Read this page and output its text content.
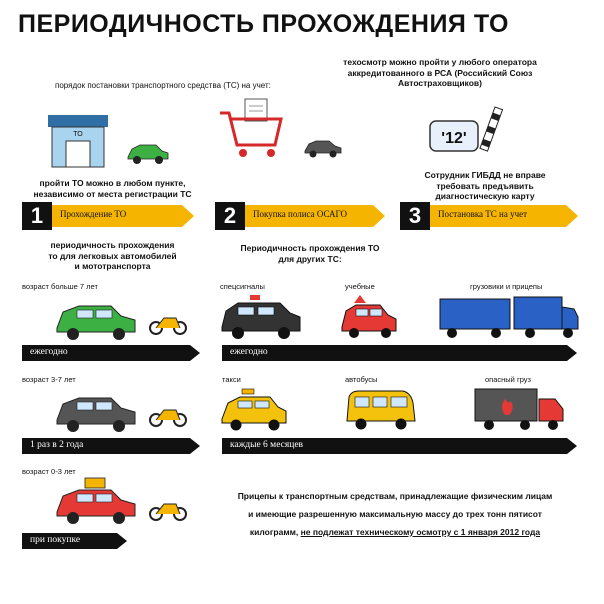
ПЕРИОДИЧНОСТЬ ПРОХОЖДЕНИЯ ТО
порядок постановки транспортного средства (ТС) на учет:
техосмотр можно пройти у любого оператора
аккредитованного в РСА (Российский Союз
Автостраховщиков)
ТО	'12'
пройти ТО можно в любом пункте,
независимо от места регистрации ТС
Сотрудник ГИБДД не вправе
требовать предъявить
диагностическую карту
1	Прохождение ТО	2	Покупка полиса ОСАГО	3	Постановка ТС на учет
периодичность прохождения
то для легковых автомобилей
и мототранспорта
Периодичность прохождения ТО
для других ТС:
возраст больше 7 лет
ежегодно
возраст 3-7 лет
1 раз в 2 года
возраст 0-3 лет
при покупке
спецсигналы	учебные	грузовики и прицепы
ежегодно
такси	автобусы	опасный груз
каждые 6 месяцев
Прицепы к транспортным средствам, принадлежащие физическим лицам
и имеющие разрешенную максимальную массу до трех тонн пятисот
килограмм, не подлежат техническому осмотру с 1 января 2012 года
